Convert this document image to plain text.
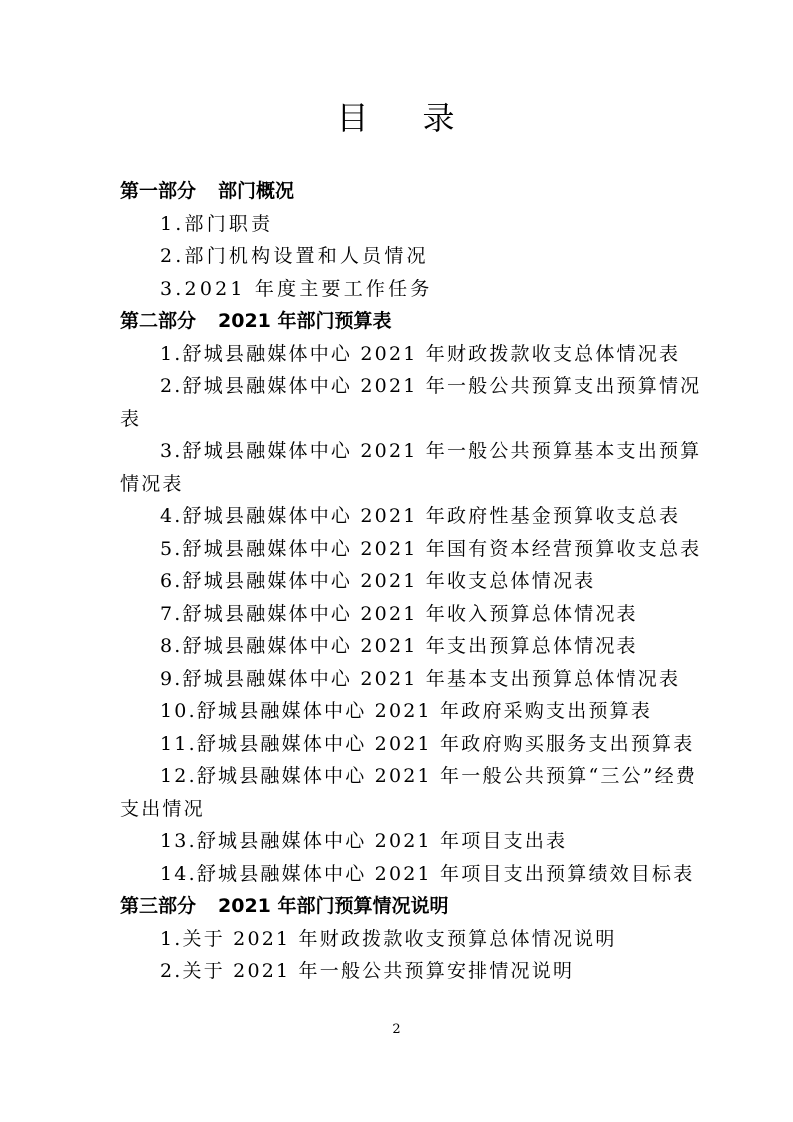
目 录
第一部分 部门概况
1.部门职责
2.部门机构设置和人员情况
3.2021 年度主要工作任务
第二部分 2021 年部门预算表
1.舒城县融媒体中心 2021 年财政拨款收支总体情况表
2.舒城县融媒体中心 2021 年一般公共预算支出预算情况
表
3.舒城县融媒体中心 2021 年一般公共预算基本支出预算
情况表
4.舒城县融媒体中心 2021 年政府性基金预算收支总表
5.舒城县融媒体中心 2021 年国有资本经营预算收支总表
6.舒城县融媒体中心 2021 年收支总体情况表
7.舒城县融媒体中心 2021 年收入预算总体情况表
8.舒城县融媒体中心 2021 年支出预算总体情况表
9.舒城县融媒体中心 2021 年基本支出预算总体情况表
10.舒城县融媒体中心 2021 年政府采购支出预算表
11.舒城县融媒体中心 2021 年政府购买服务支出预算表
12.舒城县融媒体中心 2021 年一般公共预算“三公”经费
支出情况
13.舒城县融媒体中心 2021 年项目支出表
14.舒城县融媒体中心 2021 年项目支出预算绩效目标表
第三部分 2021 年部门预算情况说明
1.关于 2021 年财政拨款收支预算总体情况说明
2.关于 2021 年一般公共预算安排情况说明
2
